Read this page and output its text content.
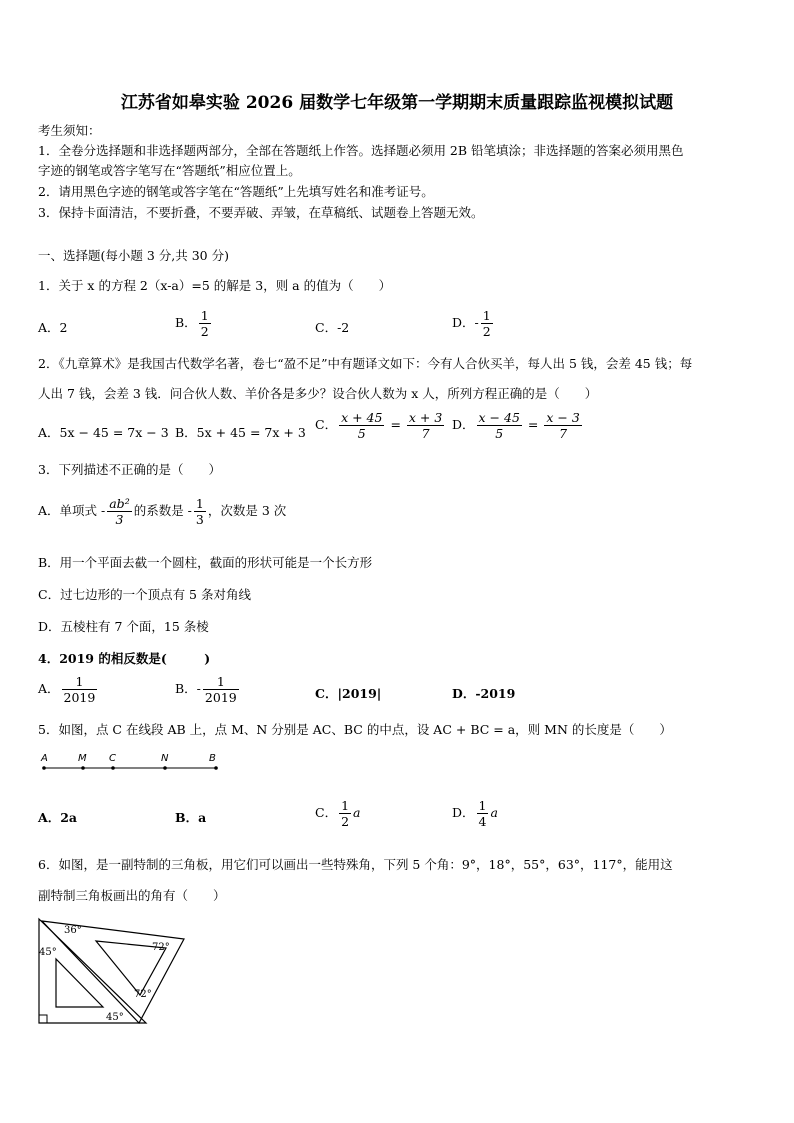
江苏省如皋实验 2026 届数学七年级第一学期期末质量跟踪监视模拟试题
考生须知：
1．全卷分选择题和非选择题两部分，全部在答题纸上作答。选择题必须用 2B 铅笔填涂；非选择题的答案必须用黑色
字迹的钢笔或答字笔写在“答题纸”相应位置上。
2．请用黑色字迹的钢笔或答字笔在“答题纸”上先填写姓名和准考证号。
3．保持卡面清洁，不要折叠，不要弄破、弄皱，在草稿纸、试题卷上答题无效。
一、选择题(每小题 3 分,共 30 分)
1．关于 x 的方程 2（x-a）=5 的解是 3，则 a 的值为（　　）
A．2	B． $\frac{1}{2}$	C．-2	D．- $\frac{1}{2}$
2．《九章算术》是我国古代数学名著，卷七“盈不足”中有题译文如下：今有人合伙买羊，每人出 5 钱，会差 45 钱；每
人出 7 钱，会差 3 钱．问合伙人数、羊价各是多少？设合伙人数为 x 人，所列方程正确的是（　　）
A．5x − 45 = 7x − 3 B．5x + 45 = 7x + 3
C． $\frac{x + 45}{5} = \frac{x + 3}{7}$ D． $\frac{x - 45}{5} = \frac{x - 3}{7}$
3．下列描述不正确的是（　　）
A．单项式 - $\frac{\text{ab²}}{3}$ 的系数是 - $\frac{1}{3}$ ，次数是 3 次
B．用一个平面去截一个圆柱，截面的形状可能是一个长方形
C．过七边形的一个顶点有 5 条对角线
D．五棱柱有 7 个面，15 条棱
4．2019 的相反数是(　　　)
A． $\frac{1}{2019}$	B．- $\frac{1}{2019}$	C．|2019|	D．-2019
5．如图，点 C 在线段 AB 上，点 M、N 分别是 AC、BC 的中点，设 AC + BC = a，则 MN 的长度是（　　）
A	M C	N	B
A．2a	B．a	C． $\frac{1}{2}$ a	D． $\frac{1}{4}$ a
6．如图，是一副特制的三角板，用它们可以画出一些特殊角，下列 5 个角：9°，18°，55°，63°，117°，能用这
副特制三角板画出的角有（　　）
36°
72°
45°
72°
45°
